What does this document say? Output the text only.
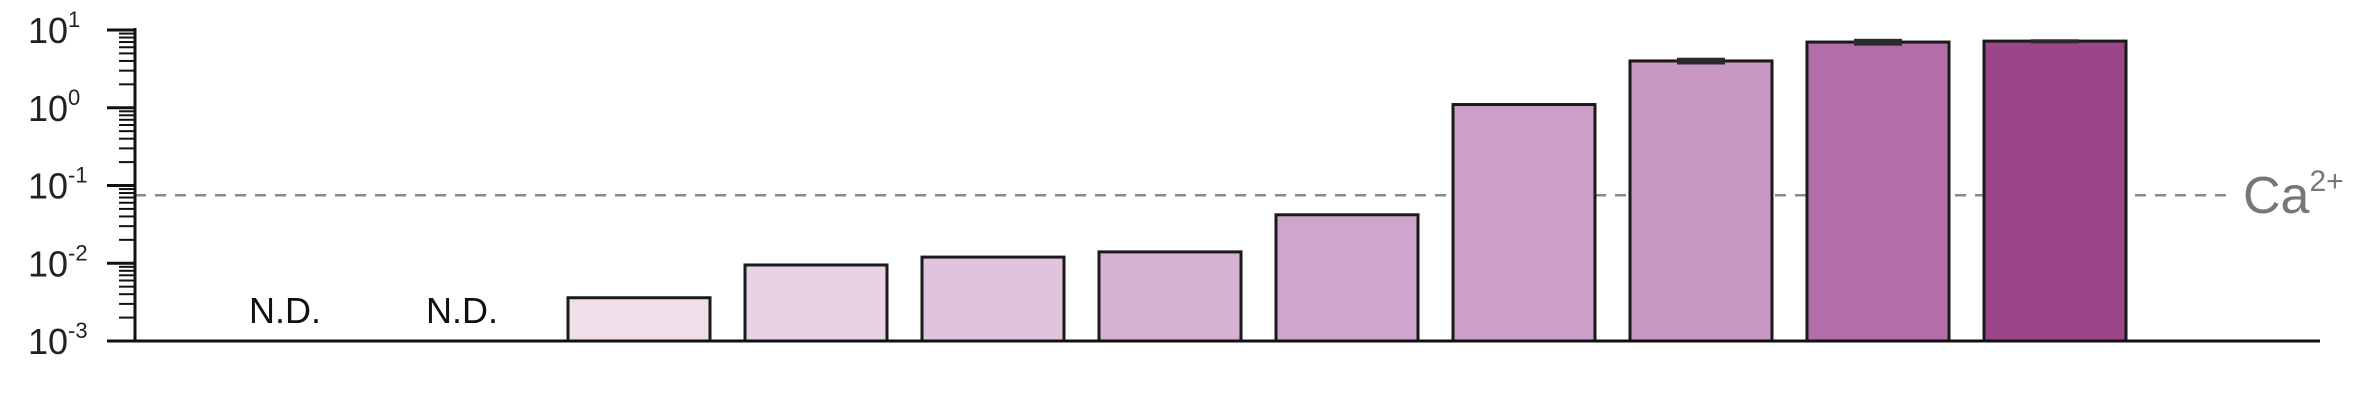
Ca$^{2+}$
N.D.	N.D.
$10^{-3}$
$10^{-2}$
$10^{-1}$
$10^0$
$10^1$
